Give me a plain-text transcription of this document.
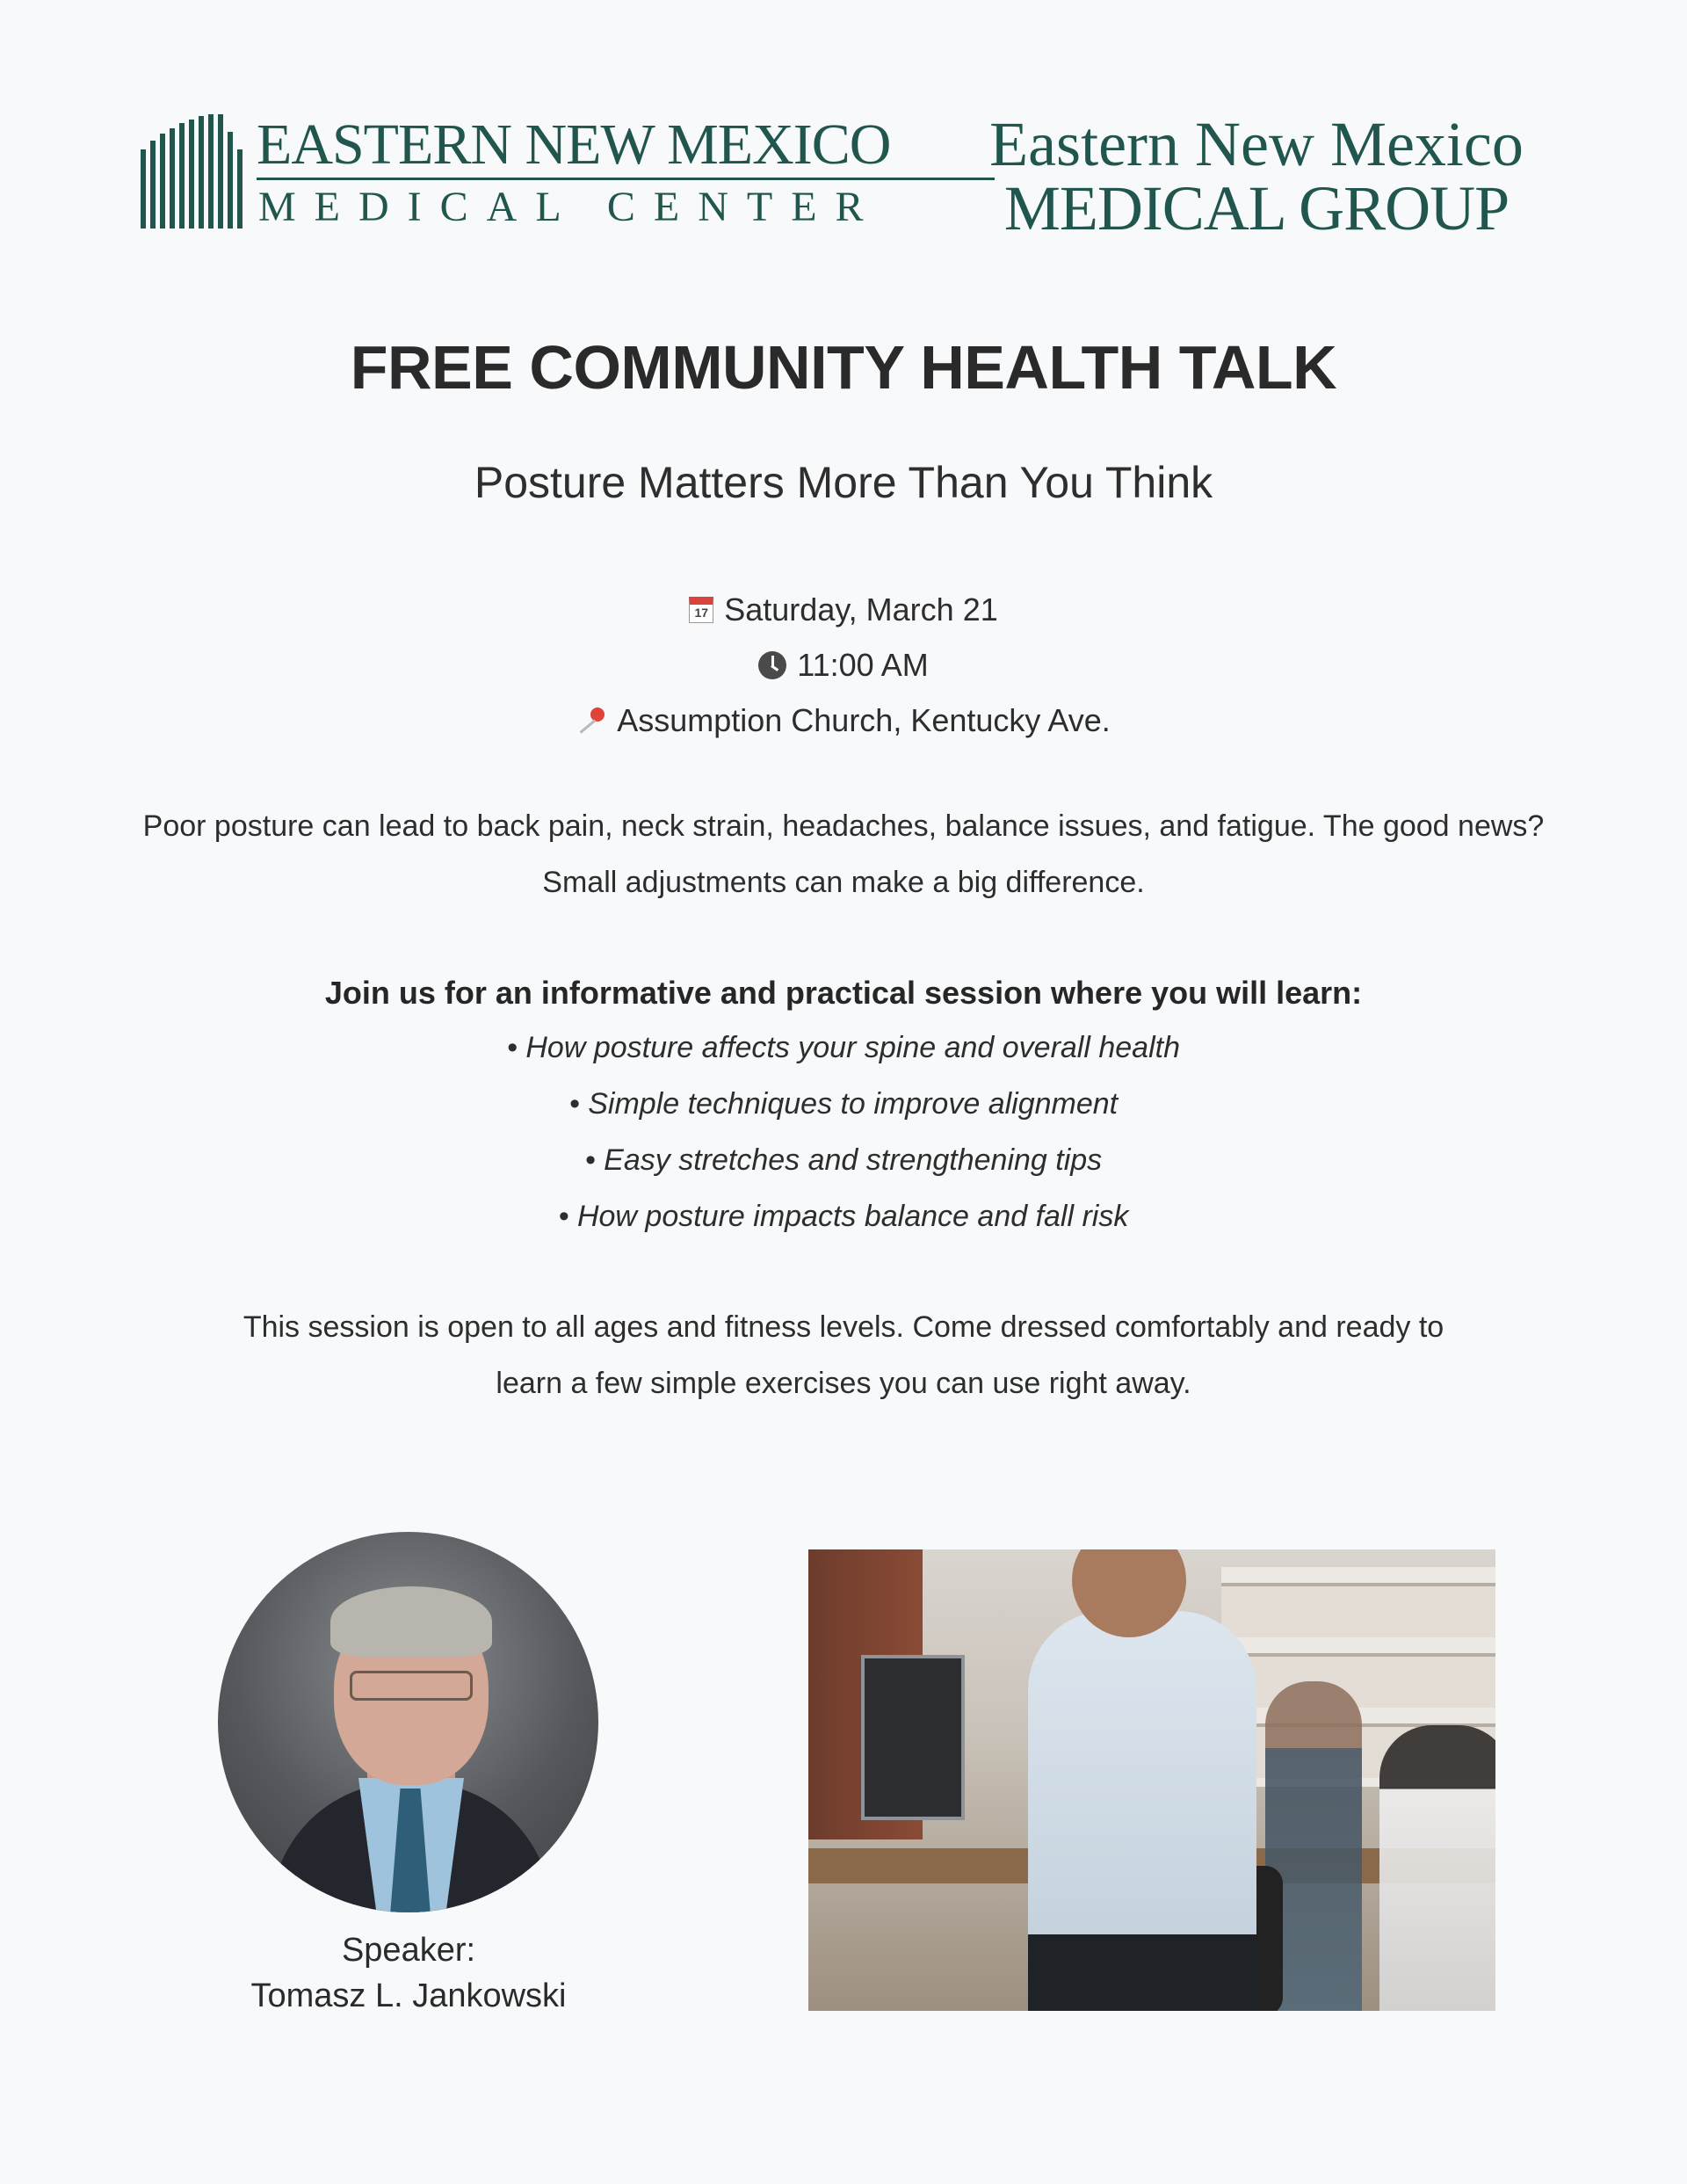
EASTERN NEW MEXICO
MEDICAL CENTER
Eastern New Mexico
MEDICAL GROUP
FREE COMMUNITY HEALTH TALK
Posture Matters More Than You Think
17 Saturday, March 21
11:00 AM
Assumption Church, Kentucky Ave.
Poor posture can lead to back pain, neck strain, headaches, balance issues, and fatigue. The good news?
Small adjustments can make a big difference.
Join us for an informative and practical session where you will learn:
• How posture affects your spine and overall health
• Simple techniques to improve alignment
• Easy stretches and strengthening tips
• How posture impacts balance and fall risk
This session is open to all ages and fitness levels. Come dressed comfortably and ready to
learn a few simple exercises you can use right away.
Speaker:
Tomasz L. Jankowski
